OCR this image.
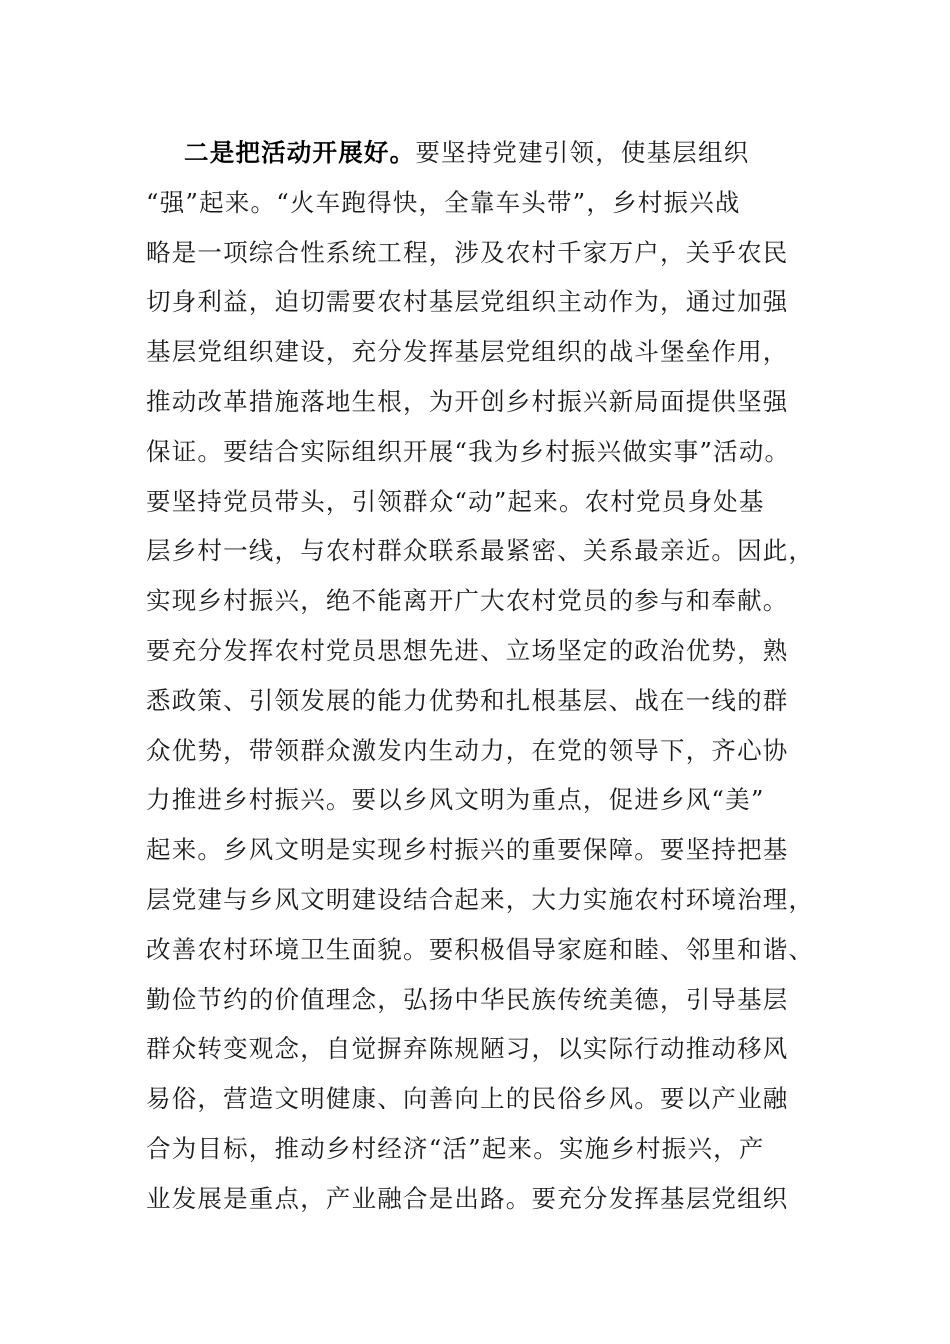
二是把活动开展好。要坚持党建引领，使基层组织
“强”起来。“火车跑得快，全靠车头带”，乡村振兴战
略是一项综合性系统工程，涉及农村千家万户，关乎农民
切身利益，迫切需要农村基层党组织主动作为，通过加强
基层党组织建设，充分发挥基层党组织的战斗堡垒作用，
推动改革措施落地生根，为开创乡村振兴新局面提供坚强
保证。要结合实际组织开展“我为乡村振兴做实事”活动。
要坚持党员带头，引领群众“动”起来。农村党员身处基
层乡村一线，与农村群众联系最紧密、关系最亲近。因此，
实现乡村振兴，绝不能离开广大农村党员的参与和奉献。
要充分发挥农村党员思想先进、立场坚定的政治优势，熟
悉政策、引领发展的能力优势和扎根基层、战在一线的群
众优势，带领群众激发内生动力，在党的领导下，齐心协
力推进乡村振兴。要以乡风文明为重点，促进乡风“美”
起来。乡风文明是实现乡村振兴的重要保障。要坚持把基
层党建与乡风文明建设结合起来，大力实施农村环境治理，
改善农村环境卫生面貌。要积极倡导家庭和睦、邻里和谐、
勤俭节约的价值理念，弘扬中华民族传统美德，引导基层
群众转变观念，自觉摒弃陈规陋习，以实际行动推动移风
易俗，营造文明健康、向善向上的民俗乡风。要以产业融
合为目标，推动乡村经济“活”起来。实施乡村振兴，产
业发展是重点，产业融合是出路。要充分发挥基层党组织
